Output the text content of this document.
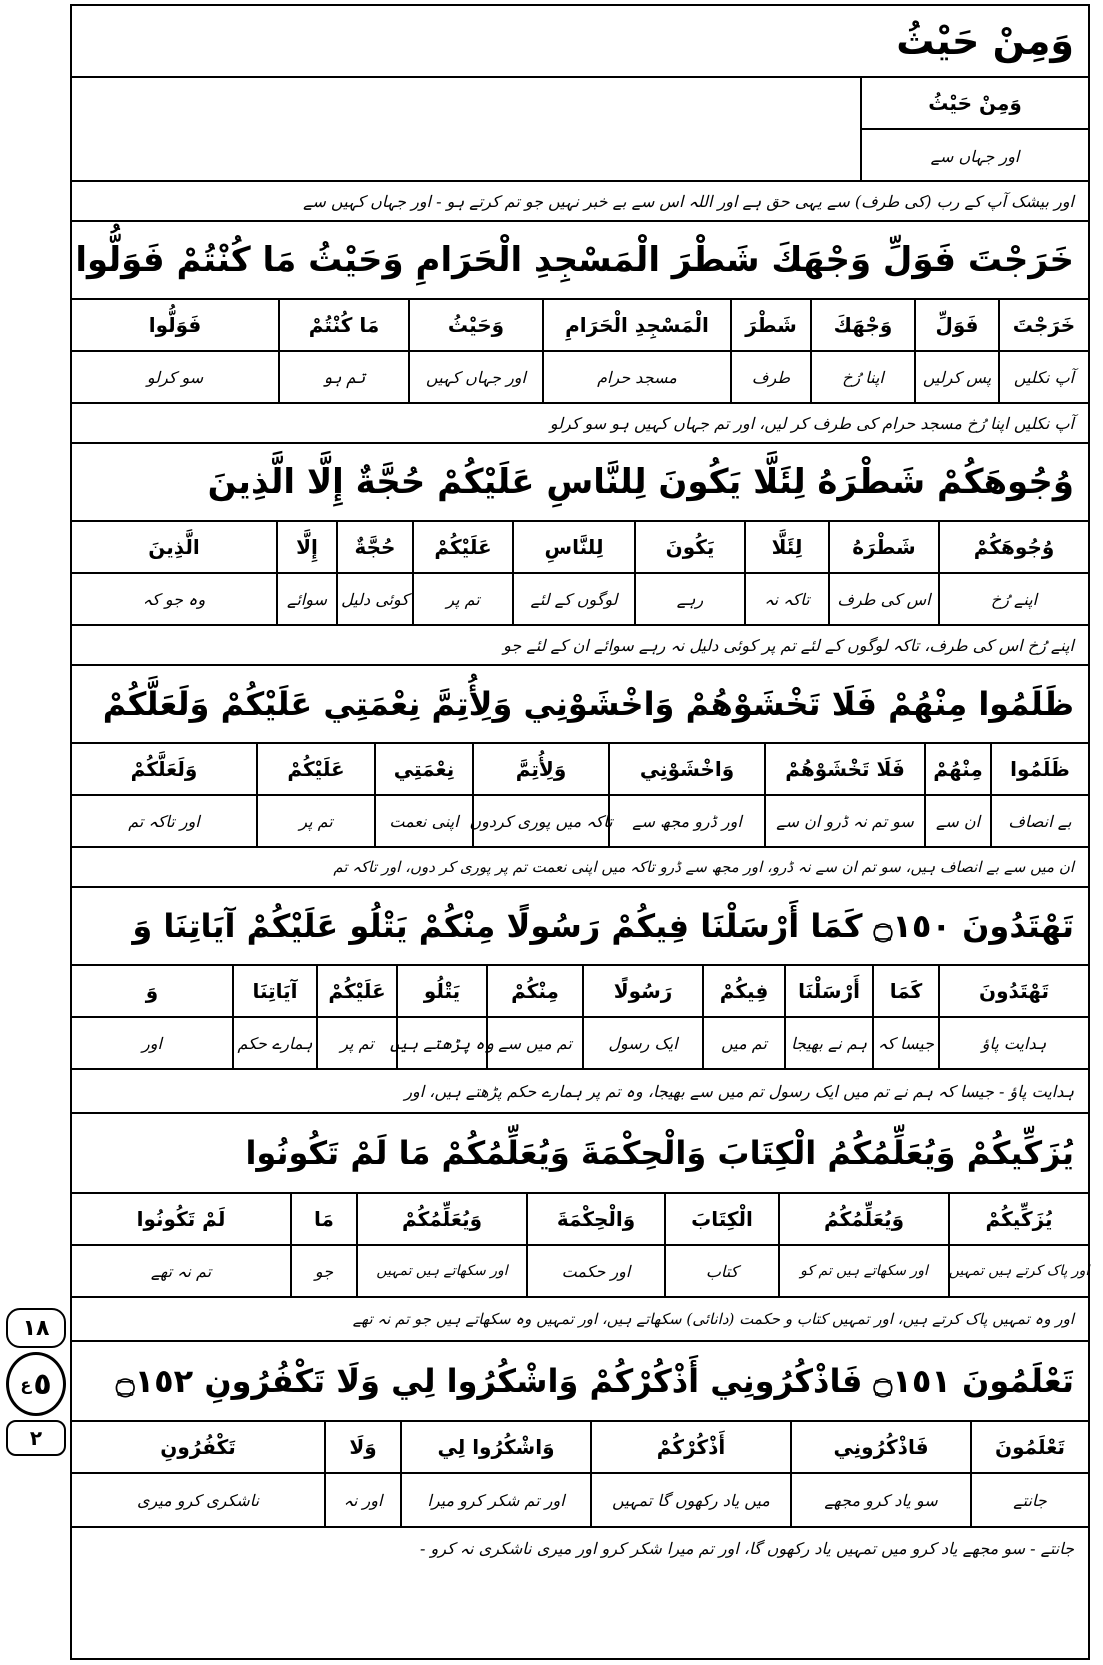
١٨
ع ٥
٢
وَمِنْ حَيْثُ
وَمِنْ حَيْثُ
اور جہاں سے
اور بیشک آپ کے رب (کی طرف) سے یہی حق ہے اور اللہ اس سے بے خبر نہیں جو تم کرتے ہو - اور جہاں کہیں سے
خَرَجْتَ فَوَلِّ وَجْهَكَ شَطْرَ الْمَسْجِدِ الْحَرَامِ وَحَيْثُ مَا كُنْتُمْ فَوَلُّوا
خَرَجْتَ
فَوَلِّ
وَجْهَكَ
شَطْرَ
الْمَسْجِدِ الْحَرَامِ
وَحَيْثُ
مَا كُنْتُمْ
فَوَلُّوا
آپ نکلیں
پس کرلیں
اپنا رُخ
طرف
مسجد حرام
اور جہاں کہیں
تم ہو
سو کرلو
آپ نکلیں اپنا رُخ مسجد حرام کی طرف کر لیں، اور تم جہاں کہیں ہو سو کرلو
وُجُوهَكُمْ شَطْرَهُ لِئَلَّا يَكُونَ لِلنَّاسِ عَلَيْكُمْ حُجَّةٌ إِلَّا الَّذِينَ
وُجُوهَكُمْ
شَطْرَهُ
لِئَلَّا
يَكُونَ
لِلنَّاسِ
عَلَيْكُمْ
حُجَّةٌ
إِلَّا
الَّذِينَ
اپنے رُخ
اس کی طرف
تاکہ نہ
رہے
لوگوں کے لئے
تم پر
کوئی دلیل
سوائے
وہ جو کہ
اپنے رُخ اس کی طرف، تاکہ لوگوں کے لئے تم پر کوئی دلیل نہ رہے سوائے ان کے لئے جو
ظَلَمُوا مِنْهُمْ فَلَا تَخْشَوْهُمْ وَاخْشَوْنِي وَلِأُتِمَّ نِعْمَتِي عَلَيْكُمْ وَلَعَلَّكُمْ
ظَلَمُوا
مِنْهُمْ
فَلَا تَخْشَوْهُمْ
وَاخْشَوْنِي
وَلِأُتِمَّ
نِعْمَتِي
عَلَيْكُمْ
وَلَعَلَّكُمْ
بے انصاف
ان سے
سو تم نہ ڈرو ان سے
اور ڈرو مجھ سے
تاکہ میں پوری کردوں
اپنی نعمت
تم پر
اور تاکہ تم
ان میں سے بے انصاف ہیں، سو تم ان سے نہ ڈرو، اور مجھ سے ڈرو تاکہ میں اپنی نعمت تم پر پوری کر دوں، اور تاکہ تم
تَهْتَدُونَ ۝١٥٠ كَمَا أَرْسَلْنَا فِيكُمْ رَسُولًا مِنْكُمْ يَتْلُو عَلَيْكُمْ آيَاتِنَا وَ
تَهْتَدُونَ
كَمَا
أَرْسَلْنَا
فِيكُمْ
رَسُولًا
مِنْكُمْ
يَتْلُو
عَلَيْكُمْ
آيَاتِنَا
وَ
ہدایت پاؤ
جیسا کہ
ہم نے بھیجا
تم میں
ایک رسول
تم میں سے
وہ پڑھتے ہیں
تم پر
ہمارے حکم
اور
ہدایت پاؤ - جیسا کہ ہم نے تم میں ایک رسول تم میں سے بھیجا، وہ تم پر ہمارے حکم پڑھتے ہیں، اور
يُزَكِّيكُمْ وَيُعَلِّمُكُمُ الْكِتَابَ وَالْحِكْمَةَ وَيُعَلِّمُكُمْ مَا لَمْ تَكُونُوا
يُزَكِّيكُمْ
وَيُعَلِّمُكُمُ
الْكِتَابَ
وَالْحِكْمَةَ
وَيُعَلِّمُكُمْ
مَا
لَمْ تَكُونُوا
اور پاک کرتے ہیں تمہیں
اور سکھاتے ہیں تم کو
کتاب
اور حکمت
اور سکھاتے ہیں تمہیں
جو
تم نہ تھے
اور وہ تمہیں پاک کرتے ہیں، اور تمہیں کتاب و حکمت (دانائی) سکھاتے ہیں، اور تمہیں وہ سکھاتے ہیں جو تم نہ تھے
تَعْلَمُونَ ۝١٥١ فَاذْكُرُونِي أَذْكُرْكُمْ وَاشْكُرُوا لِي وَلَا تَكْفُرُونِ ۝١٥٢
تَعْلَمُونَ
فَاذْكُرُونِي
أَذْكُرْكُمْ
وَاشْكُرُوا لِي
وَلَا
تَكْفُرُونِ
جانتے
سو یاد کرو مجھے
میں یاد رکھوں گا تمہیں
اور تم شکر کرو میرا
اور نہ
ناشکری کرو میری
جانتے - سو مجھے یاد کرو میں تمہیں یاد رکھوں گا، اور تم میرا شکر کرو اور میری ناشکری نہ کرو -
